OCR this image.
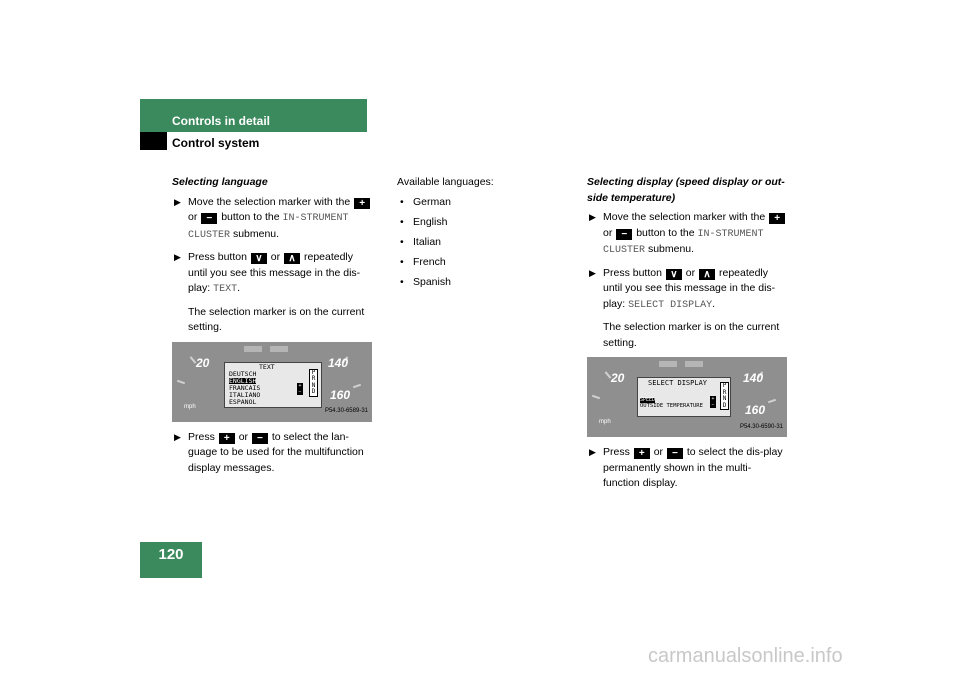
Controls in detail
Control system
Selecting language
▶ Move the selection marker with the + or − button to the IN-STRUMENT CLUSTER submenu.
▶ Press button ∨ or ∧ repeatedly until you see this message in the dis-play: TEXT.
The selection marker is on the current setting.
20
mph
140
160
TEXT
DEUTSCH
ENGLISH
FRANCAIS
ITALIANO
ESPANOL
+
−
P
R
N
D
P54.30-6589-31
▶ Press + or − to select the lan-guage to be used for the multifunction display messages.
Available languages:
• German
• English
• Italian
• French
• Spanish
Selecting display (speed display or out-side temperature)
▶ Move the selection marker with the + or − button to the IN-STRUMENT CLUSTER submenu.
▶ Press button ∨ or ∧ repeatedly until you see this message in the dis-play: SELECT DISPLAY.
The selection marker is on the current setting.
20
mph
140
160
SELECT DISPLAY
SPEED
OUTSIDE TEMPERATURE
+
−
P
R
N
D
P54.30-6590-31
▶ Press + or − to select the dis-play permanently shown in the multi-function display.
120
carmanualsonline.info
